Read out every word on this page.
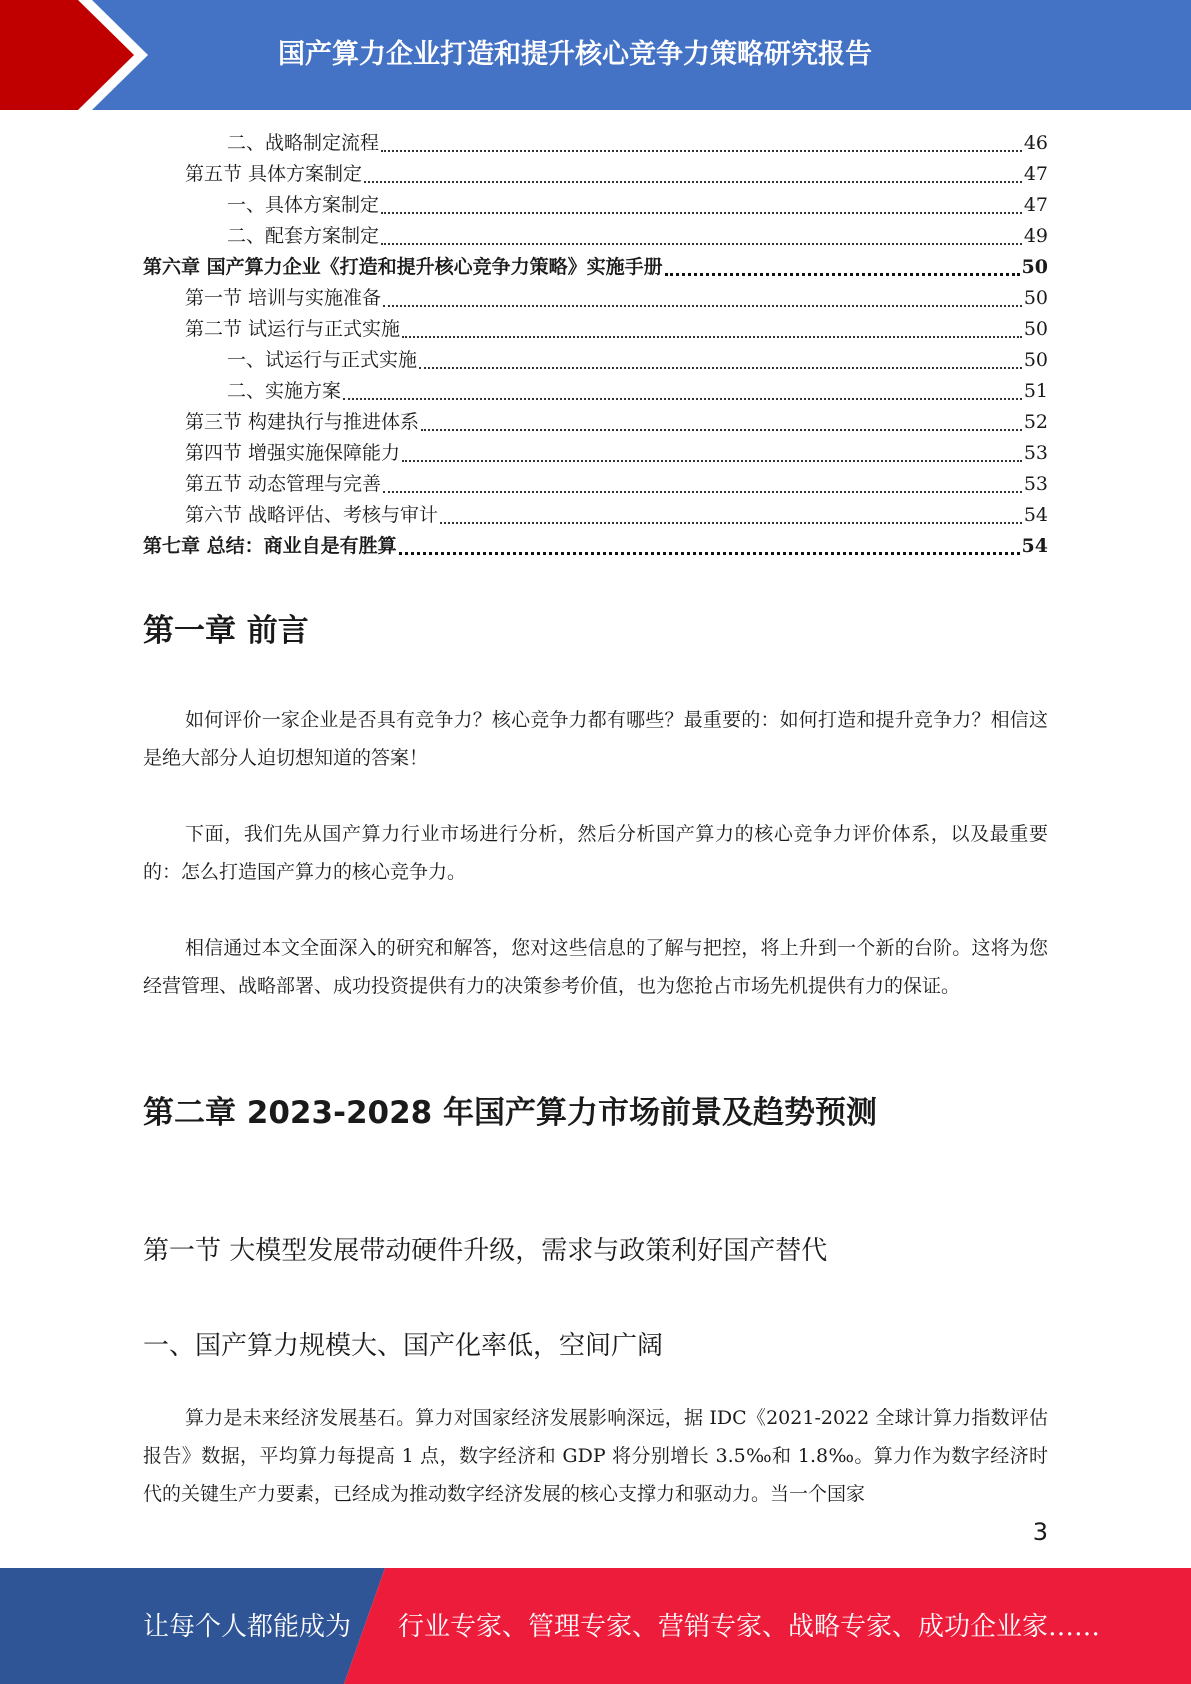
国产算力企业打造和提升核心竞争力策略研究报告
二、战略制定流程	46
第五节 具体方案制定	47
一、具体方案制定	47
二、配套方案制定	49
第六章 国产算力企业《打造和提升核心竞争力策略》实施手册	50
第一节 培训与实施准备	50
第二节 试运行与正式实施	50
一、试运行与正式实施	50
二、实施方案	51
第三节 构建执行与推进体系	52
第四节 增强实施保障能力	53
第五节 动态管理与完善	53
第六节 战略评估、考核与审计	54
第七章 总结：商业自是有胜算	54
第一章 前言

如何评价一家企业是否具有竞争力？核心竞争力都有哪些？最重要的：如何打造和提升竞争力？相信这是绝大部分人迫切想知道的答案！

下面，我们先从国产算力行业市场进行分析，然后分析国产算力的核心竞争力评价体系，以及最重要的：怎么打造国产算力的核心竞争力。

相信通过本文全面深入的研究和解答，您对这些信息的了解与把控，将上升到一个新的台阶。这将为您经营管理、战略部署、成功投资提供有力的决策参考价值，也为您抢占市场先机提供有力的保证。

第二章 2023-2028 年国产算力市场前景及趋势预测
第一节 大模型发展带动硬件升级，需求与政策利好国产替代
一、国产算力规模大、国产化率低，空间广阔

算力是未来经济发展基石。算力对国家经济发展影响深远，据 IDC《2021-2022 全球计算力指数评估报告》数据，平均算力每提高 1 点，数字经济和 GDP 将分别增长 3.5‰和 1.8‰。算力作为数字经济时代的关键生产力要素，已经成为推动数字经济发展的核心支撑力和驱动力。当一个国家

3
让每个人都能成为 行业专家、管理专家、营销专家、战略专家、成功企业家……
